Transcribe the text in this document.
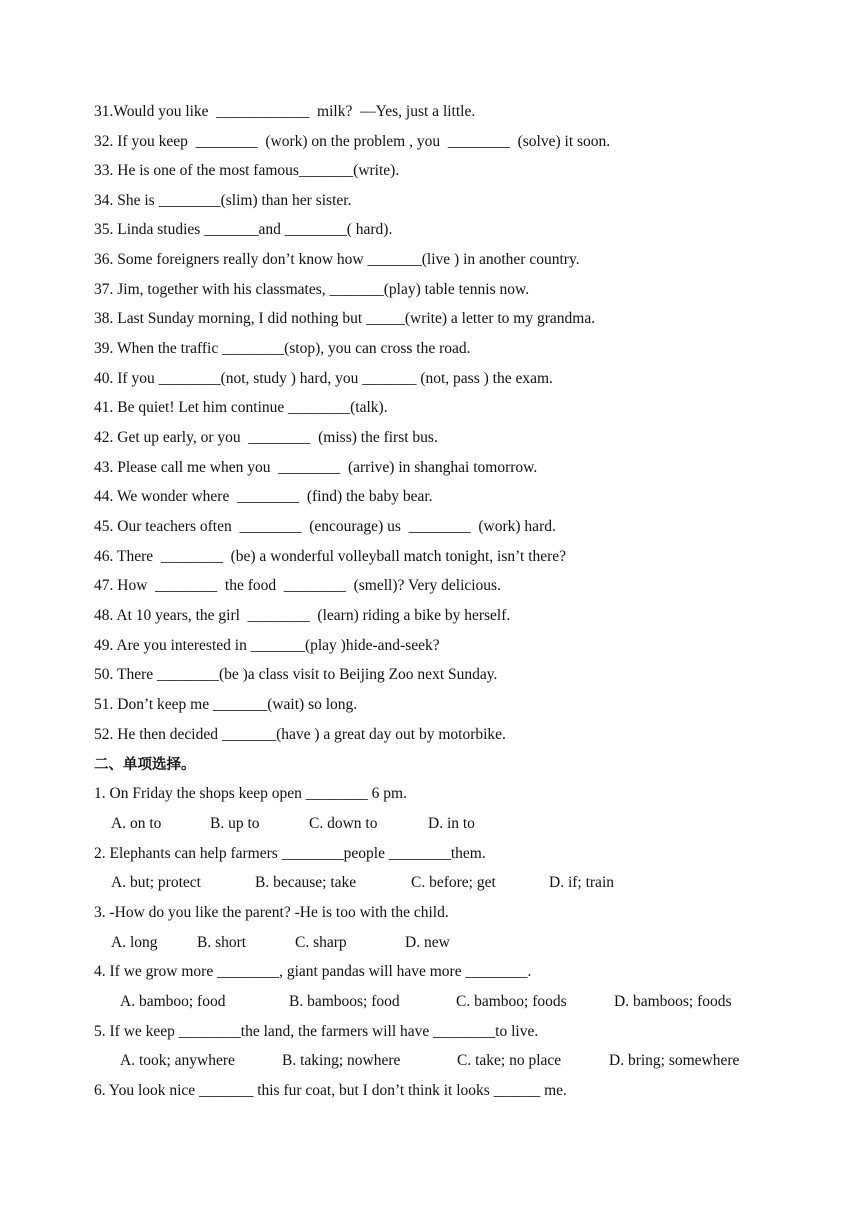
31.Would you like  ____________  milk?  —Yes, just a little.
32. If you keep  ________  (work) on the problem , you  ________  (solve) it soon.
33. He is one of the most famous_______(write).
34. She is ________(slim) than her sister.
35. Linda studies _______and ________( hard).
36. Some foreigners really don’t know how _______(live ) in another country.
37. Jim, together with his classmates, _______(play) table tennis now.
38. Last Sunday morning, I did nothing but _____(write) a letter to my grandma.
39. When the traffic ________(stop), you can cross the road.
40. If you ________(not, study ) hard, you _______ (not, pass ) the exam.
41. Be quiet! Let him continue ________(talk).
42. Get up early, or you  ________  (miss) the first bus.
43. Please call me when you  ________  (arrive) in shanghai tomorrow.
44. We wonder where  ________  (find) the baby bear.
45. Our teachers often  ________  (encourage) us  ________  (work) hard.
46. There  ________  (be) a wonderful volleyball match tonight, isn’t there?
47. How  ________  the food  ________  (smell)? Very delicious.
48. At 10 years, the girl  ________  (learn) riding a bike by herself.
49. Are you interested in _______(play )hide-and-seek?
50. There ________(be )a class visit to Beijing Zoo next Sunday.
51. Don’t keep me _______(wait) so long.
52. He then decided _______(have ) a great day out by motorbike.
二、单项选择。
1. On Friday the shops keep open ________ 6 pm.

A. on to

	B. up to

	C. down to

	D. in to

2. Elephants can help farmers ________people ________them.

A. but; protect

	B. because; take

	C. before; get

	D. if; train

3. -How do you like the parent? -He is too with the child.

A. long

	B. short

	C. sharp

	D. new

4. If we grow more ________, giant pandas will have more ________.

A. bamboo; food

	B. bamboos; food

	C. bamboo; foods

	D. bamboos; foods

5. If we keep ________the land, the farmers will have ________to live.

A. took; anywhere

	B. taking; nowhere

	C. take; no place

	D. bring; somewhere

6. You look nice _______ this fur coat, but I don’t think it looks ______ me.
